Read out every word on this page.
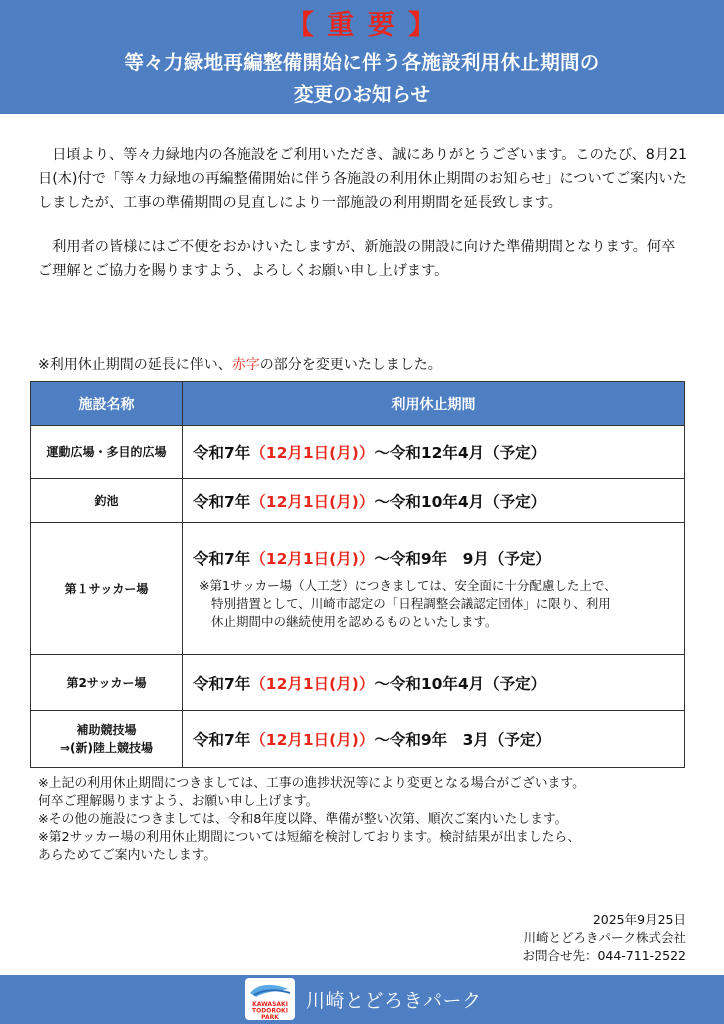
【 重 要 】
等々力緑地再編整備開始に伴う各施設利用休止期間の
変更のお知らせ

日頃より、等々力緑地内の各施設をご利用いただき、誠にありがとうございます。このたび、8月21日(木)付で「等々力緑地の再編整備開始に伴う各施設の利用休止期間のお知らせ」についてご案内いたしましたが、工事の準備期間の見直しにより一部施設の利用期間を延長致します。

利用者の皆様にはご不便をおかけいたしますが、新施設の開設に向けた準備期間となります。何卒ご理解とご協力を賜りますよう、よろしくお願い申し上げます。

※利用休止期間の延長に伴い、赤字の部分を変更いたしました。
施設名称	利用休止期間
運動広場・多目的広場	令和7年（12月1日(月)）～令和12年4月（予定）
釣池	令和7年（12月1日(月)）～令和10年4月（予定）
第１サッカー場	令和7年（12月1日(月)）～令和9年　9月（予定）
※第1サッカー場（人工芝）につきましては、安全面に十分配慮した上で、
特別措置として、川崎市認定の「日程調整会議認定団体」に限り、利用
休止期間中の継続使用を認めるものといたします。

第2サッカー場	令和7年（12月1日(月)）～令和10年4月（予定）
補助競技場
⇒(新)陸上競技場	令和7年（12月1日(月)）～令和9年　3月（予定）
※上記の利用休止期間につきましては、工事の進捗状況等により変更となる場合がございます。
何卒ご理解賜りますよう、お願い申し上げます。
※その他の施設につきましては、令和8年度以降、準備が整い次第、順次ご案内いたします。
※第2サッカー場の利用休止期間については短縮を検討しております。検討結果が出ましたら、
あらためてご案内いたします。
2025年9月25日
川崎とどろきパーク株式会社
お問合せ先：044-711-2522
KAWASAKI
TODOROKI
PARK
川崎とどろきパーク
